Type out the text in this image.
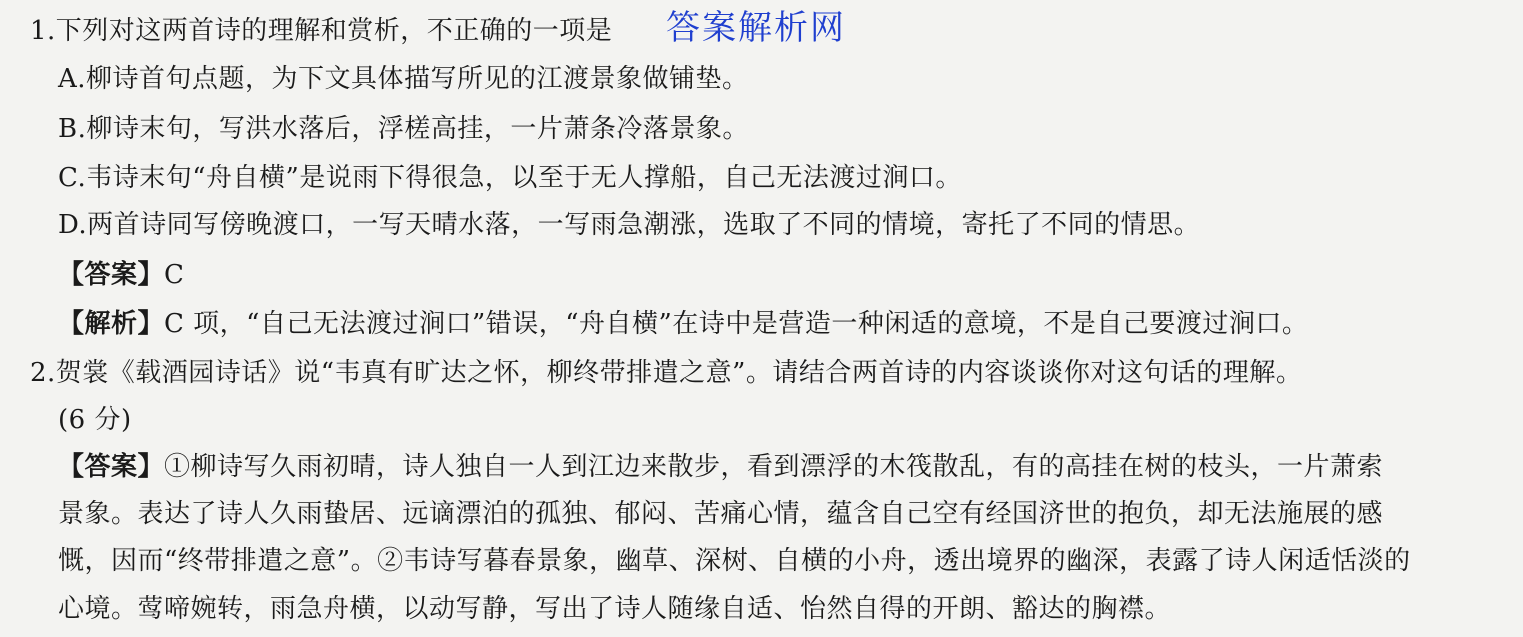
1.下列对这两首诗的理解和赏析，不正确的一项是 答案解析网
A.柳诗首句点题，为下文具体描写所见的江渡景象做铺垫。
B.柳诗末句，写洪水落后，浮槎高挂，一片萧条冷落景象。
C.韦诗末句“舟自横”是说雨下得很急，以至于无人撑船，自己无法渡过涧口。
D.两首诗同写傍晚渡口，一写天晴水落，一写雨急潮涨，选取了不同的情境，寄托了不同的情思。
【答案】C
【解析】C 项，“自己无法渡过涧口”错误，“舟自横”在诗中是营造一种闲适的意境，不是自己要渡过涧口。
2.贺裳《载酒园诗话》说“韦真有旷达之怀，柳终带排遣之意”。请结合两首诗的内容谈谈你对这句话的理解。
(6 分)
【答案】①柳诗写久雨初晴，诗人独自一人到江边来散步，看到漂浮的木筏散乱，有的高挂在树的枝头，一片萧索
景象。表达了诗人久雨蛰居、远谪漂泊的孤独、郁闷、苦痛心情，蕴含自己空有经国济世的抱负，却无法施展的感
慨，因而“终带排遣之意”。②韦诗写暮春景象，幽草、深树、自横的小舟，透出境界的幽深，表露了诗人闲适恬淡的
心境。莺啼婉转，雨急舟横，以动写静，写出了诗人随缘自适、怡然自得的开朗、豁达的胸襟。
